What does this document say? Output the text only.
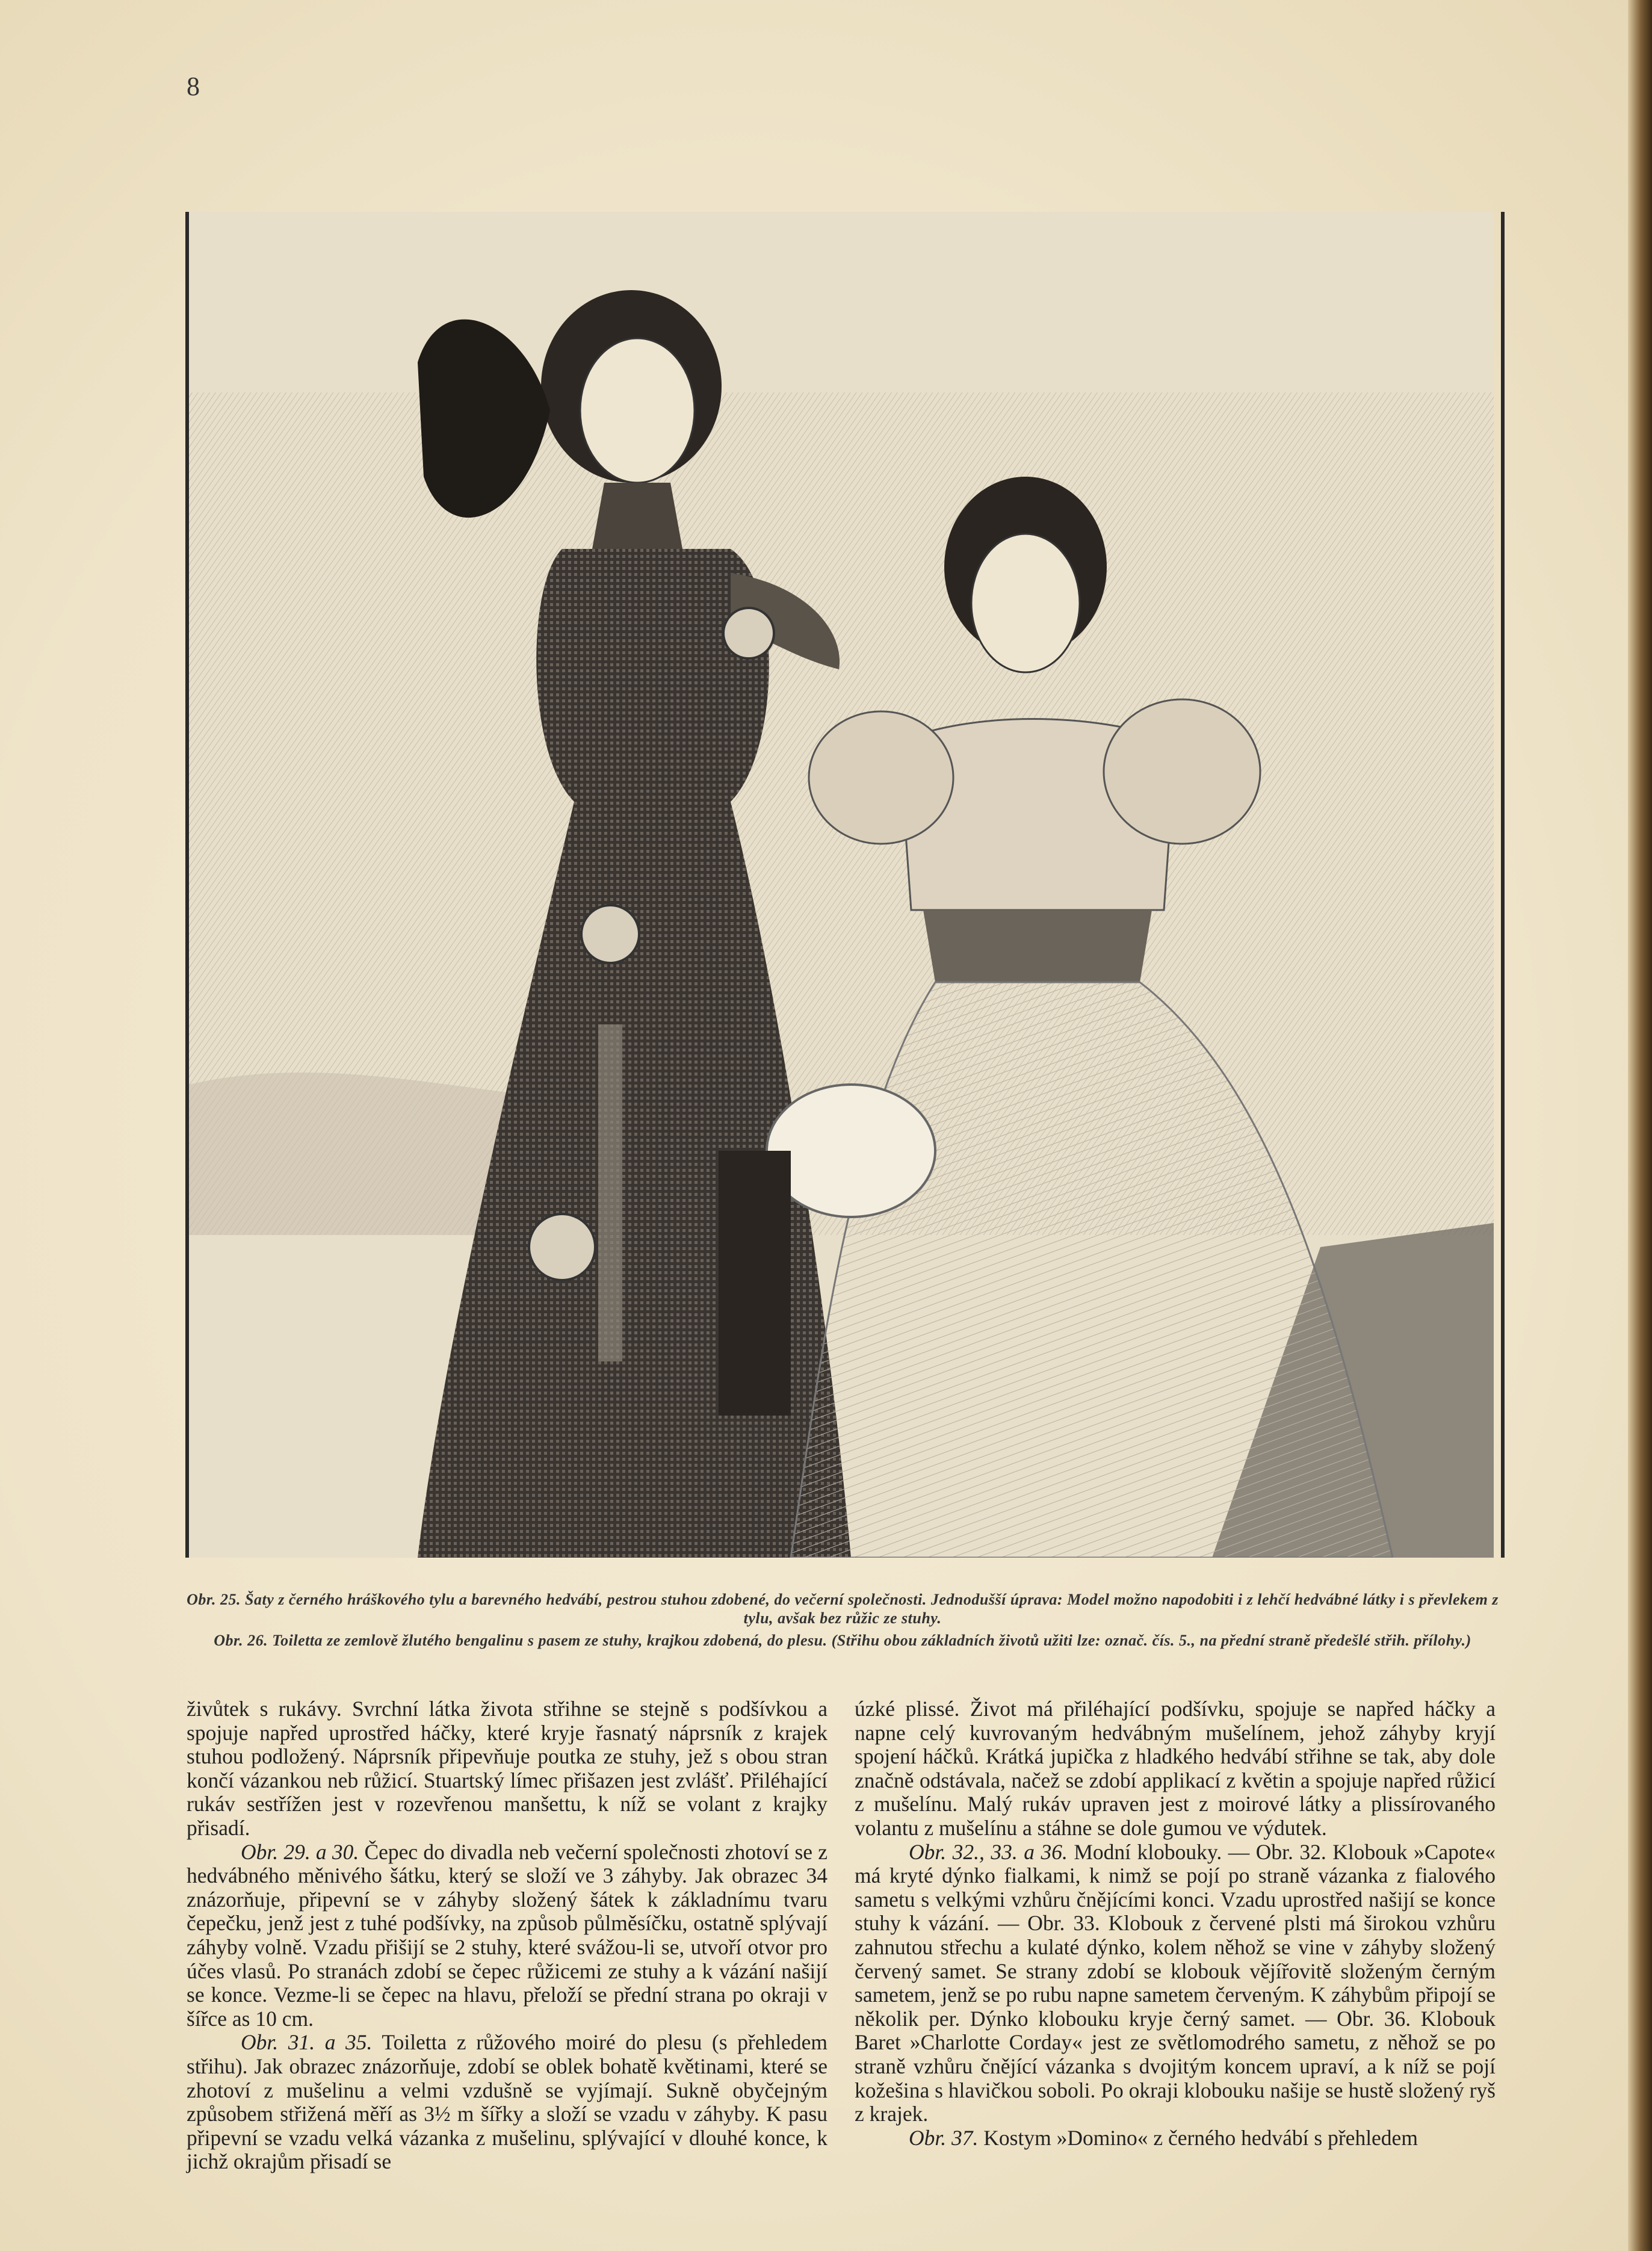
8
Obr. 25. Šaty z černého hráškového tylu a barevného hedvábí, pestrou stuhou zdobené, do večerní společnosti. Jednodušší úprava: Model možno napodobiti i z lehčí hedvábné látky i s převlekem z tylu, avšak bez růžic ze stuhy.
Obr. 26. Toiletta ze zemlově žlutého bengalinu s pasem ze stuhy, krajkou zdobená, do plesu. (Střihu obou základních životů užiti lze: označ. čís. 5., na přední straně předešlé střih. přílohy.)

živůtek s rukávy. Svrchní látka života střihne se stejně s podšívkou a spojuje napřed uprostřed háčky, které kryje řasnatý náprsník z krajek stuhou podložený. Náprsník připevňuje poutka ze stuhy, jež s obou stran končí vázankou neb růžicí. Stuartský límec přišazen jest zvlášť. Přiléhající rukáv sestřížen jest v rozevřenou manšettu, k níž se volant z krajky přisadí.

Obr. 29. a 30. Čepec do divadla neb večerní společnosti zhotoví se z hedvábného měnivého šátku, který se složí ve 3 záhyby. Jak obrazec 34 znázorňuje, připevní se v záhyby složený šátek k základnímu tvaru čepečku, jenž jest z tuhé podšívky, na způsob půlměsíčku, ostatně splývají záhyby volně. Vzadu přišijí se 2 stuhy, které svážou-li se, utvoří otvor pro účes vlasů. Po stranách zdobí se čepec růžicemi ze stuhy a k vázání našijí se konce. Vezme-li se čepec na hlavu, přeloží se přední strana po okraji v šířce as 10 cm.

Obr. 31. a 35. Toiletta z růžového moiré do plesu (s přehledem střihu). Jak obrazec znázorňuje, zdobí se oblek bohatě květinami, které se zhotoví z mušelinu a velmi vzdušně se vyjímají. Sukně obyčejným způsobem střižená měří as 3½ m šířky a složí se vzadu v záhyby. K pasu připevní se vzadu velká vázanka z mušelinu, splývající v dlouhé konce, k jichž okrajům přisadí se

úzké plissé. Život má přiléhající podšívku, spojuje se napřed háčky a napne celý kuvrovaným hedvábným mušelínem, jehož záhyby kryjí spojení háčků. Krátká jupička z hladkého hedvábí střihne se tak, aby dole značně odstávala, načež se zdobí applikací z květin a spojuje napřed růžicí z mušelínu. Malý rukáv upraven jest z moirové látky a plissírovaného volantu z mušelínu a stáhne se dole gumou ve výdutek.

Obr. 32., 33. a 36. Modní klobouky. — Obr. 32. Klobouk »Capote« má kryté dýnko fialkami, k nimž se pojí po straně vázanka z fialového sametu s velkými vzhůru čnějícími konci. Vzadu uprostřed našijí se konce stuhy k vázání. — Obr. 33. Klobouk z červené plsti má širokou vzhůru zahnutou střechu a kulaté dýnko, kolem něhož se vine v záhyby složený červený samet. Se strany zdobí se klobouk vějířovitě složeným černým sametem, jenž se po rubu napne sametem červeným. K záhybům připojí se několik per. Dýnko klobouku kryje černý samet. — Obr. 36. Klobouk Baret »Charlotte Corday« jest ze světlomodrého sametu, z něhož se po straně vzhůru čnějící vázanka s dvojitým koncem upraví, a k níž se pojí kožešina s hlavičkou soboli. Po okraji klobouku našije se hustě složený ryš z krajek.

Obr. 37. Kostym »Domino« z černého hedvábí s přehledem
